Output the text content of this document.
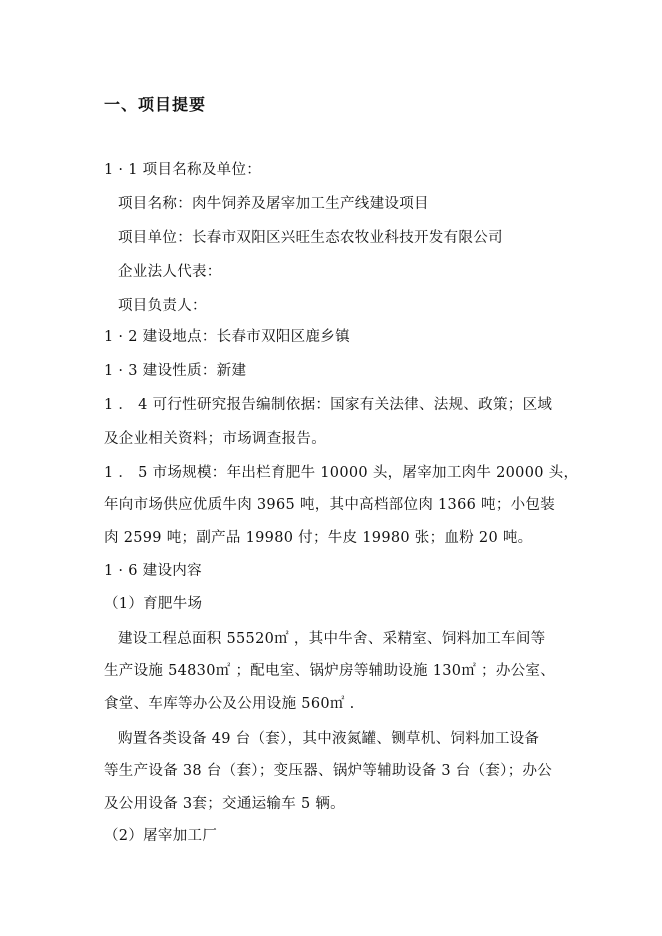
一、项目提要
1 · 1 项目名称及单位：
项目名称：肉牛饲养及屠宰加工生产线建设项目
项目单位：长春市双阳区兴旺生态农牧业科技开发有限公司
企业法人代表：
项目负责人：
1 · 2 建设地点：长春市双阳区鹿乡镇
1 · 3 建设性质：新建
1 ． 4 可行性研究报告编制依据：国家有关法律、法规、政策；区域
及企业相关资料；市场调查报告。
1 ． 5 市场规模：年出栏育肥牛 10000 头，屠宰加工肉牛 20000 头，
年向市场供应优质牛肉 3965 吨，其中高档部位肉 1366 吨；小包装
肉 2599 吨；副产品 19980 付；牛皮 19980 张；血粉 20 吨。
1 · 6 建设内容
（1）育肥牛场
建设工程总面积 55520㎡ ，其中牛舍、采精室、饲料加工车间等
生产设施 54830㎡ ；配电室、锅炉房等辅助设施 130㎡ ；办公室、
食堂、车库等办公及公用设施 560㎡ .
购置各类设备 49 台（套），其中液氮罐、铡草机、饲料加工设备
等生产设备 38 台（套）；变压器、锅炉等辅助设备 3 台（套）；办公
及公用设备 3套；交通运输车 5 辆。
（2）屠宰加工厂
